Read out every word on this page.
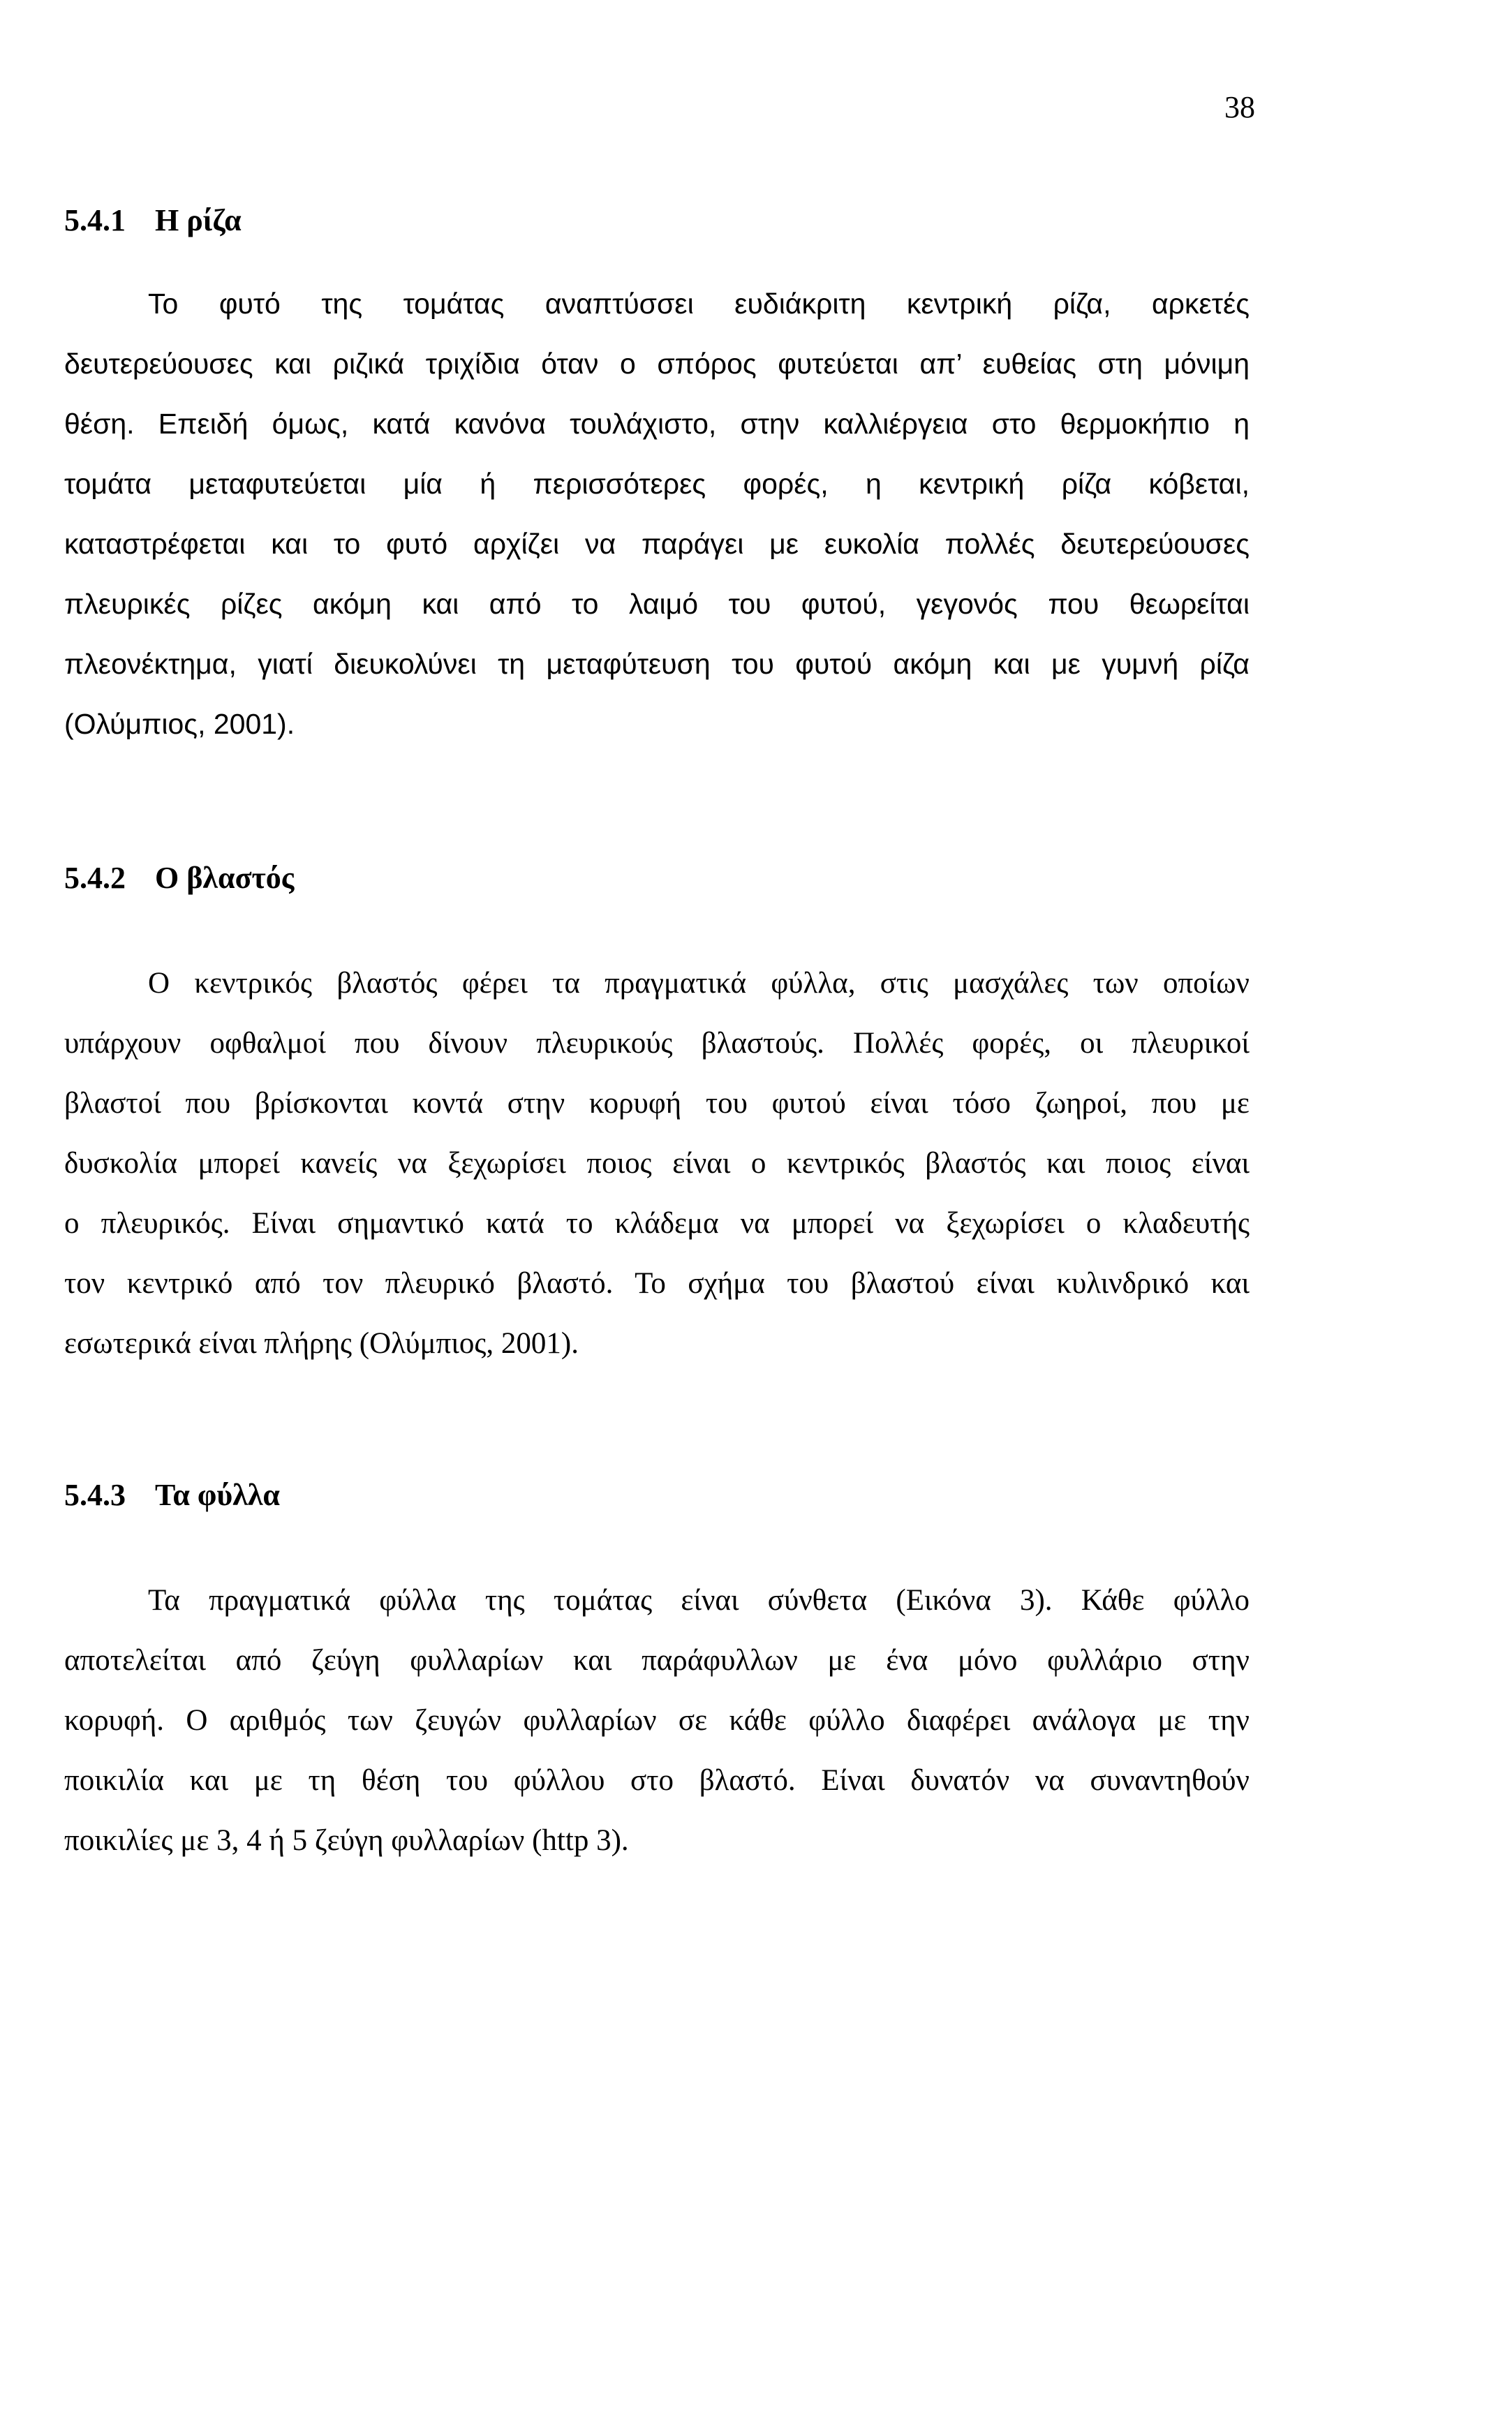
38
5.4.1 Η ρίζα
Το φυτό της τομάτας αναπτύσσει ευδιάκριτη κεντρική ρίζα, αρκετές
δευτερεύουσες και ριζικά τριχίδια όταν ο σπόρος φυτεύεται απ’ ευθείας στη μόνιμη
θέση. Επειδή όμως, κατά κανόνα τουλάχιστο, στην καλλιέργεια στο θερμοκήπιο η
τομάτα μεταφυτεύεται μία ή περισσότερες φορές, η κεντρική ρίζα κόβεται,
καταστρέφεται και το φυτό αρχίζει να παράγει με ευκολία πολλές δευτερεύουσες
πλευρικές ρίζες ακόμη και από το λαιμό του φυτού, γεγονός που θεωρείται
πλεονέκτημα, γιατί διευκολύνει τη μεταφύτευση του φυτού ακόμη και με γυμνή ρίζα
(Ολύμπιος, 2001).
5.4.2 Ο βλαστός
Ο κεντρικός βλαστός φέρει τα πραγματικά φύλλα, στις μασχάλες των οποίων
υπάρχουν οφθαλμοί που δίνουν πλευρικούς βλαστούς. Πολλές φορές, οι πλευρικοί
βλαστοί που βρίσκονται κοντά στην κορυφή του φυτού είναι τόσο ζωηροί, που με
δυσκολία μπορεί κανείς να ξεχωρίσει ποιος είναι ο κεντρικός βλαστός και ποιος είναι
ο πλευρικός. Είναι σημαντικό κατά το κλάδεμα να μπορεί να ξεχωρίσει ο κλαδευτής
τον κεντρικό από τον πλευρικό βλαστό. Το σχήμα του βλαστού είναι κυλινδρικό και
εσωτερικά είναι πλήρης (Ολύμπιος, 2001).
5.4.3 Τα φύλλα
Τα πραγματικά φύλλα της τομάτας είναι σύνθετα (Εικόνα 3). Κάθε φύλλο
αποτελείται από ζεύγη φυλλαρίων και παράφυλλων με ένα μόνο φυλλάριο στην
κορυφή. Ο αριθμός των ζευγών φυλλαρίων σε κάθε φύλλο διαφέρει ανάλογα με την
ποικιλία και με τη θέση του φύλλου στο βλαστό. Είναι δυνατόν να συναντηθούν
ποικιλίες με 3, 4 ή 5 ζεύγη φυλλαρίων (http 3).
